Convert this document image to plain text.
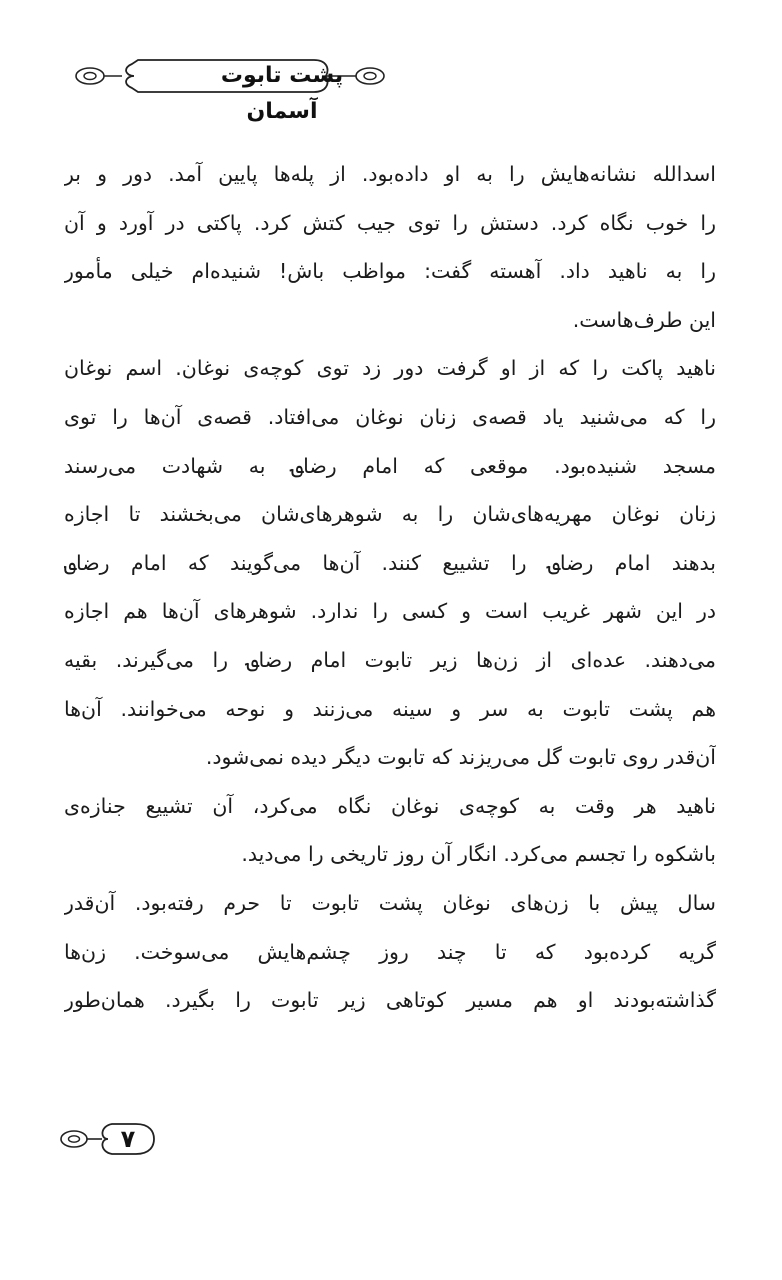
پشت تابوت آسمان
اسدالله نشانه‌هایش را به او داده‌بود. از پله‌ها پایین آمد. دور و بر
را خوب نگاه کرد. دستش را توی جیب کتش کرد. پاکتی در آورد و آن
را به ناهید داد. آهسته گفت: مواظب باش! شنیده‌ام خیلی مأمور
این طرف‌هاست.
ناهید پاکت را که از او گرفت دور زد توی کوچه‌ی نوغان. اسم نوغان
را که می‌شنید یاد قصه‌ی زنان نوغان می‌افتاد. قصه‌ی آن‌ها را توی
مسجد شنیده‌بود. موقعی که امام رضا؈ به شهادت می‌رسند
زنان نوغان مهریه‌های‌شان را به شوهرهای‌شان می‌بخشند تا اجازه
بدهند امام رضا؈ را تشییع کنند. آن‌ها می‌گویند که امام رضا؈
در این شهر غریب است و کسی را ندارد. شوهرهای آن‌ها هم اجازه
می‌دهند. عده‌ای از زن‌ها زیر تابوت امام رضا؈ را می‌گیرند. بقیه
هم پشت تابوت به سر و سینه می‌زنند و نوحه می‌خوانند. آن‌ها
آن‌قدر روی تابوت گل می‌ریزند که تابوت دیگر دیده نمی‌شود.
ناهید هر وقت به کوچه‌ی نوغان نگاه می‌کرد، آن تشییع جنازه‌ی
باشکوه را تجسم می‌کرد. انگار آن روز تاریخی را می‌دید.
سال پیش با زن‌های نوغان پشت تابوت تا حرم رفته‌بود. آن‌قدر
گریه کرده‌بود که تا چند روز چشم‌هایش می‌سوخت. زن‌ها
گذاشته‌بودند او هم مسیر کوتاهی زیر تابوت را بگیرد. همان‌طور
۷
